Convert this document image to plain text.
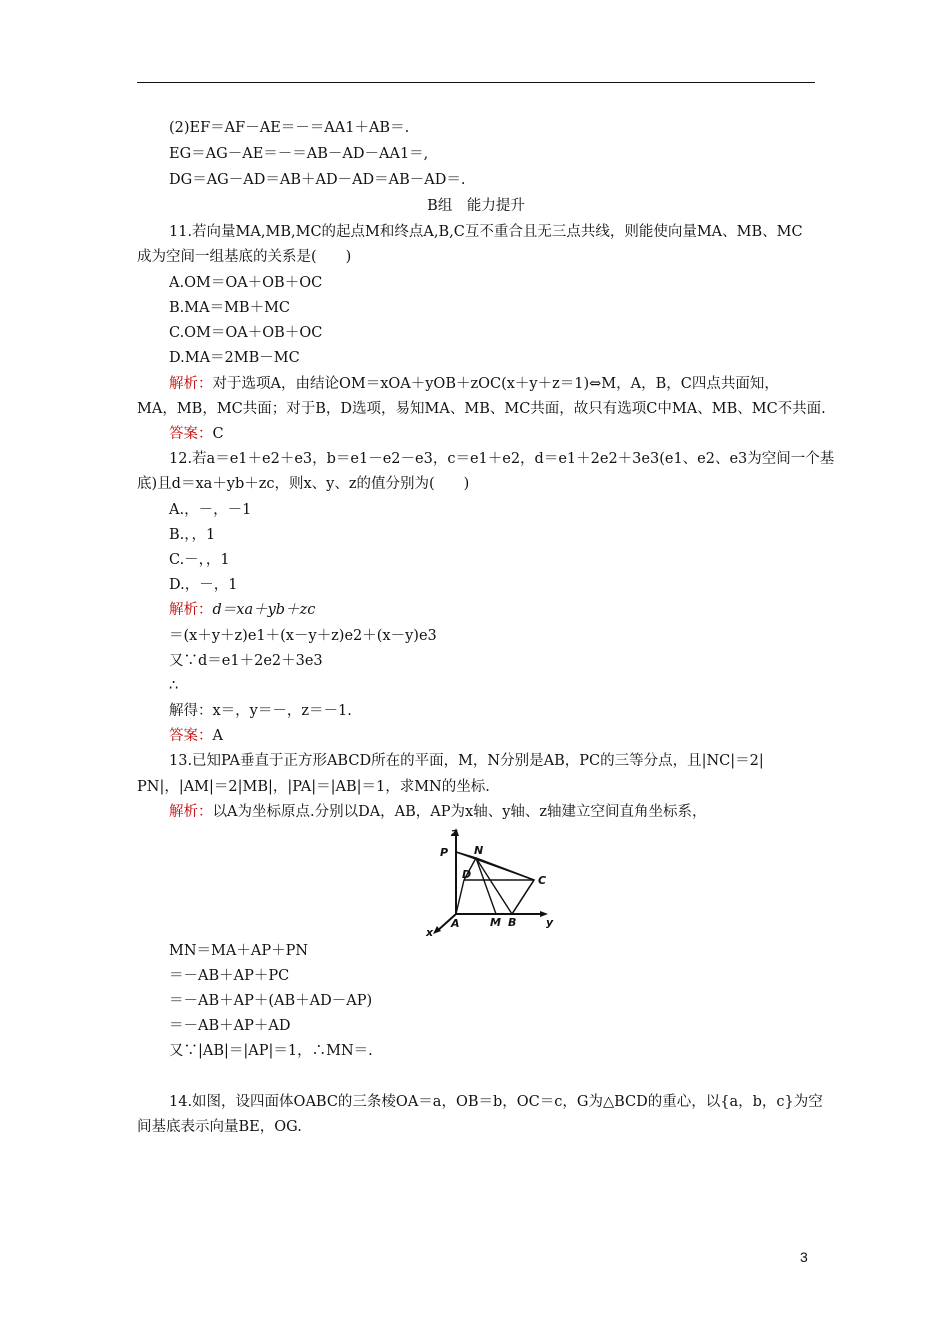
(2)EF＝AF－AE＝－＝AA1＋AB＝.
EG＝AG－AE＝－＝AB－AD－AA1＝,
DG＝AG－AD＝AB＋AD－AD＝AB－AD＝.
B组　能力提升
11.若向量MA,MB,MC的起点M和终点A,B,C互不重合且无三点共线，则能使向量MA、MB、MC
成为空间一组基底的关系是(　　)
A.OM＝OA＋OB＋OC
B.MA＝MB＋MC
C.OM＝OA＋OB＋OC
D.MA＝2MB－MC
解析：对于选项A，由结论OM＝xOA＋yOB＋zOC(x＋y＋z＝1)⇔M，A，B，C四点共面知，
MA，MB，MC共面；对于B，D选项，易知MA、MB、MC共面，故只有选项C中MA、MB、MC不共面.
答案：C
12.若a＝e1＋e2＋e3，b＝e1－e2－e3，c＝e1＋e2，d＝e1＋2e2＋3e3(e1、e2、e3为空间一个基
底)且d＝xa＋yb＋zc，则x、y、z的值分别为(　　)
A.，－，－1
B.，，1
C.－，，1
D.，－，1
解析：d＝xa＋yb＋zc
＝(x＋y＋z)e1＋(x－y＋z)e2＋(x－y)e3
又∵d＝e1＋2e2＋3e3
∴
解得：x＝，y＝－，z＝－1.
答案：A
13.已知PA垂直于正方形ABCD所在的平面，M，N分别是AB，PC的三等分点，且|NC|＝2|
PN|，|AM|＝2|MB|，|PA|＝|AB|＝1，求MN的坐标.
解析：以A为坐标原点.分别以DA，AB，AP为x轴、y轴、z轴建立空间直角坐标系，
z
P N
D	C
A	M B	y
x
MN＝MA＋AP＋PN
＝－AB＋AP＋PC
＝－AB＋AP＋(AB＋AD－AP)
＝－AB＋AP＋AD
又∵|AB|＝|AP|＝1，∴MN＝.
14.如图，设四面体OABC的三条棱OA＝a，OB＝b，OC＝c，G为△BCD的重心，以{a，b，c}为空
间基底表示向量BE，OG.
3
